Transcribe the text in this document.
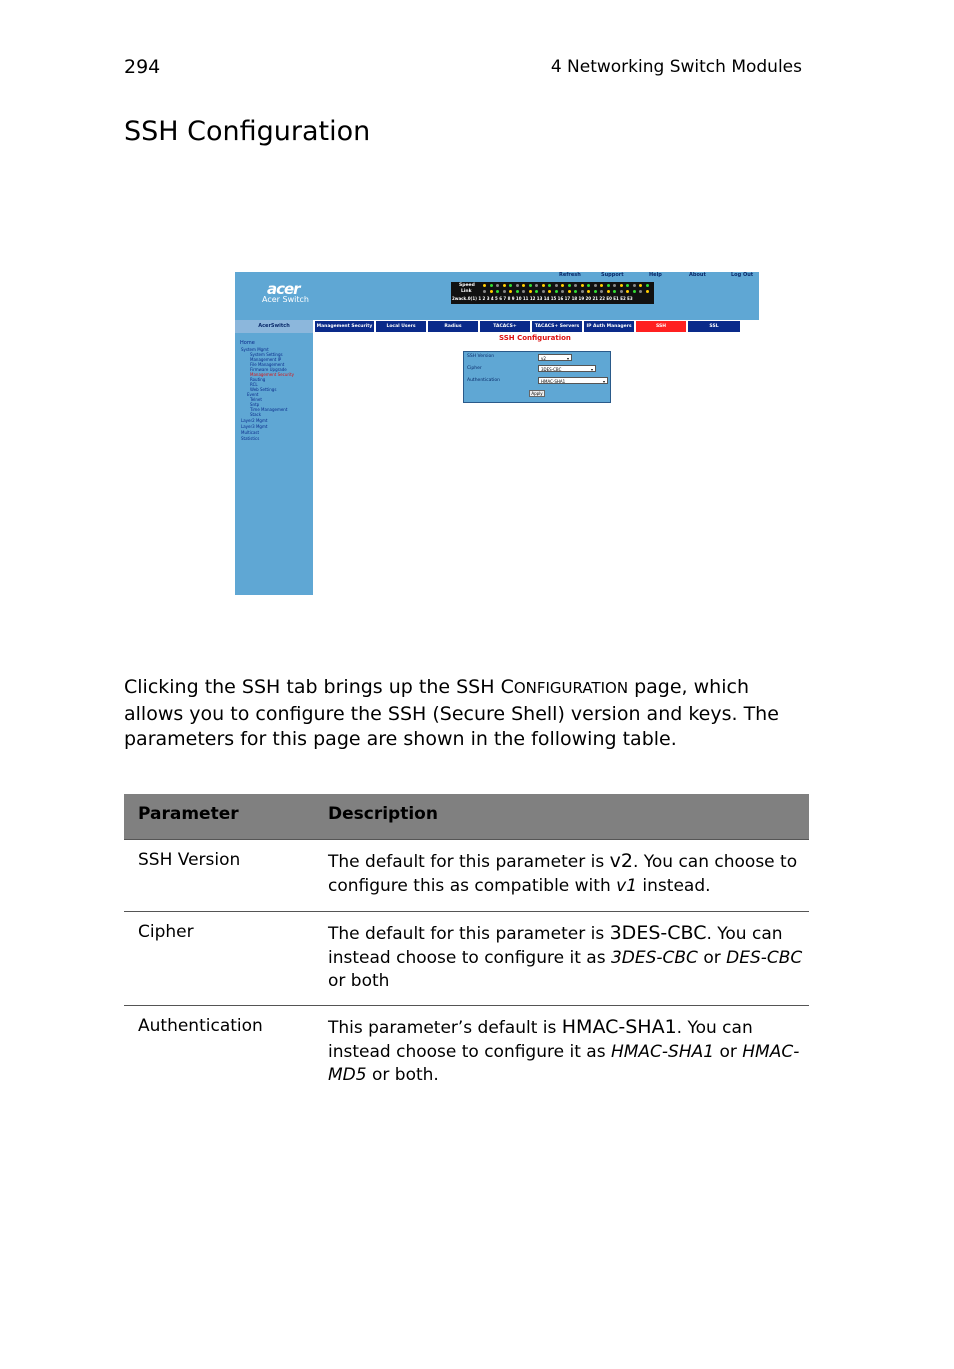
294	4 Networking Switch Modules
SSH Configuration
acer
Acer Switch
Refresh	Support	Help	About	Log Out
Speed
Link
2wack.0(1) 1 2 3 4 5 6 7 8 9 10 11 12 13 14 15 16 17 18 19 20 21 22 E0 E1 E2 E3
AcerSwitch	Management Security	Local Users	Radius	TACACS+	TACACS+ Servers	IP Auth Managers	SSH	SSL
Home
System Mgmt
System Settings
Management IP
File Management
Firmware Upgrade
Management Security
Routing
RCL
Web Settings
Event
Telnet
Sntp
Time Management
Stack
Layer2 Mgmt
Layer3 Mgmt
Multicast
Statistics
SSH Configuration
SSH Version	v2	▾
Cipher	3DES-CBC	▾
Authentication	HMAC-SHA1	▾
Apply
Clicking the SSH tab brings up the SSH CONFIGURATION page, which allows you to configure the SSH (Secure Shell) version and keys. The parameters for this page are shown in the following table.
Parameter	Description
SSH Version	The default for this parameter is v2. You can choose to configure this as compatible with v1 instead.
Cipher	The default for this parameter is 3DES-CBC. You can instead choose to configure it as 3DES-CBC or DES-CBC or both
Authentication	This parameter’s default is HMAC-SHA1. You can instead choose to configure it as HMAC-SHA1 or HMAC-MD5 or both.
